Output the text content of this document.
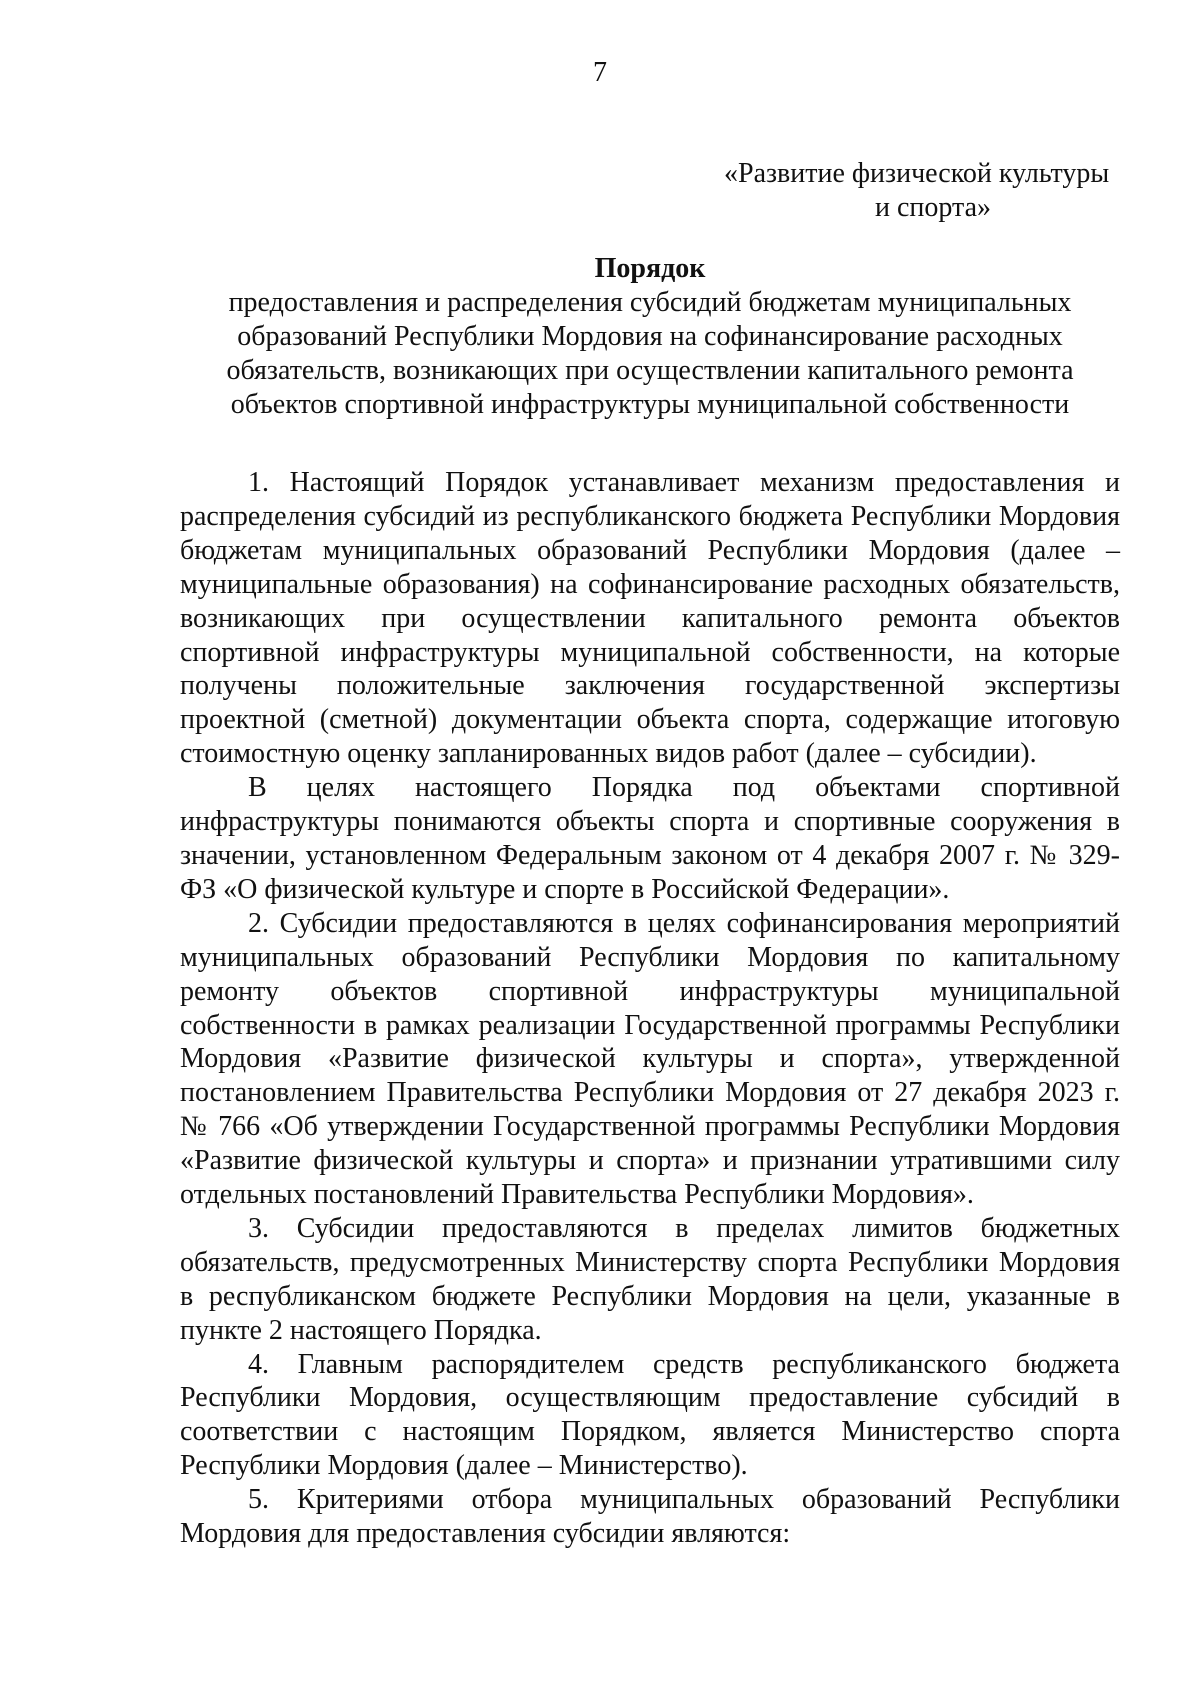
7
«Развитие физической культуры
и спорта»
Порядок
предоставления и распределения субсидий бюджетам муниципальных образований Республики Мордовия на софинансирование расходных обязательств, возникающих при осуществлении капитального ремонта объектов спортивной инфраструктуры муниципальной собственности

1. Настоящий Порядок устанавливает механизм предоставления и распределения субсидий из республиканского бюджета Республики Мордовия бюджетам муниципальных образований Республики Мордовия (далее – муниципальные образования) на софинансирование расходных обязательств, возникающих при осуществлении капитального ремонта объектов спортивной инфраструктуры муниципальной собственности, на которые получены положительные заключения государственной экспертизы проектной (сметной) документации объекта спорта, содержащие итоговую стоимостную оценку запланированных видов работ (далее – субсидии).

В целях настоящего Порядка под объектами спортивной инфраструктуры понимаются объекты спорта и спортивные сооружения в значении, установленном Федеральным законом от 4 декабря 2007 г. № 329-ФЗ «О физической культуре и спорте в Российской Федерации».

2. Субсидии предоставляются в целях софинансирования мероприятий муниципальных образований Республики Мордовия по капитальному ремонту объектов спортивной инфраструктуры муниципальной собственности в рамках реализации Государственной программы Республики Мордовия «Развитие физической культуры и спорта», утвержденной постановлением Правительства Республики Мордовия от 27 декабря 2023 г. № 766 «Об утверждении Государственной программы Республики Мордовия «Развитие физической культуры и спорта» и признании утратившими силу отдельных постановлений Правительства Республики Мордовия».

3. Субсидии предоставляются в пределах лимитов бюджетных обязательств, предусмотренных Министерству спорта Республики Мордовия в республиканском бюджете Республики Мордовия на цели, указанные в пункте 2 настоящего Порядка.

4. Главным распорядителем средств республиканского бюджета Республики Мордовия, осуществляющим предоставление субсидий в соответствии с настоящим Порядком, является Министерство спорта Республики Мордовия (далее – Министерство).

5. Критериями отбора муниципальных образований Республики Мордовия для предоставления субсидии являются:
